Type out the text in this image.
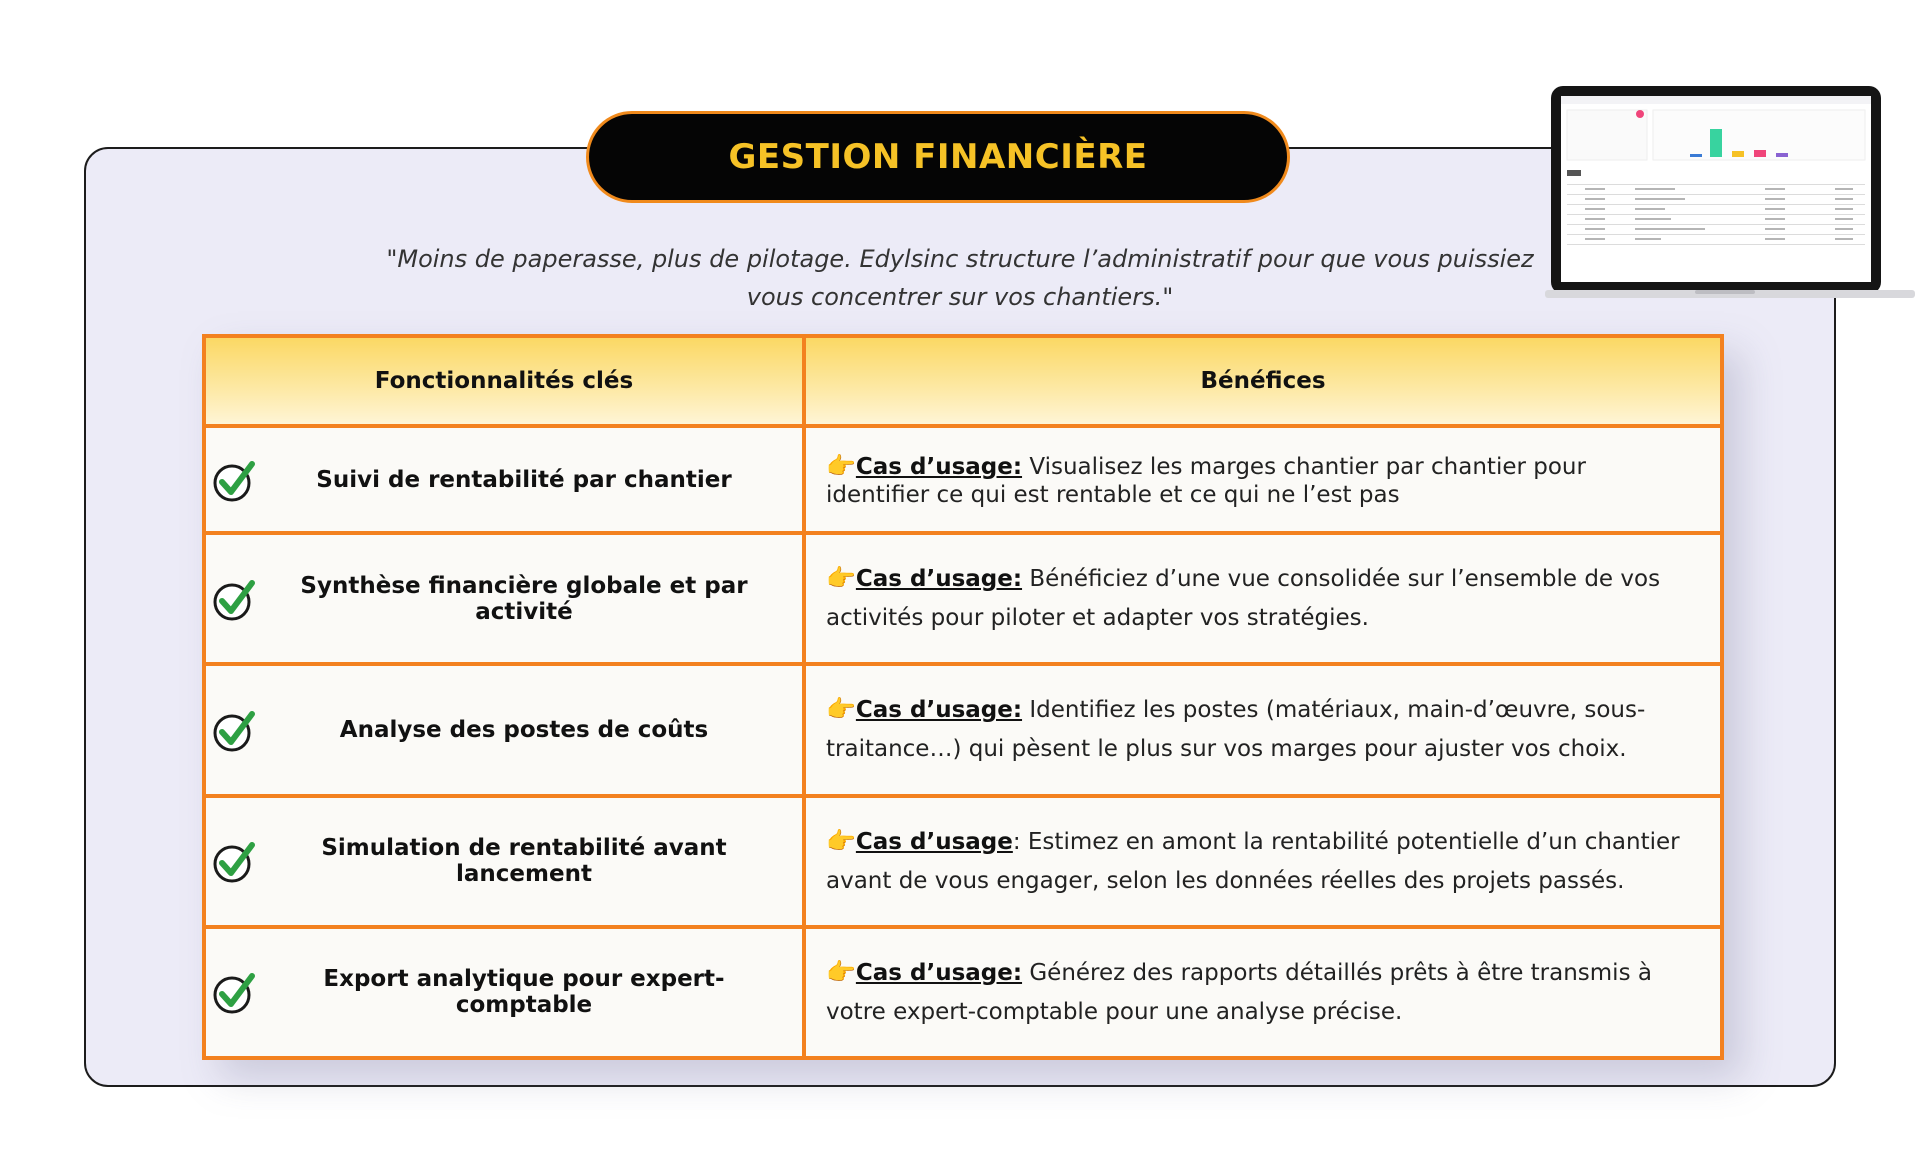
GESTION FINANCIÈRE
"Moins de paperasse, plus de pilotage. Edylsinc structure l’administratif pour que vous puissiez vous concentrer sur vos chantiers."
Fonctionnalités clés	Bénéfices

Suivi de rentabilité par chantier	👉Cas d’usage: Visualisez les marges chantier par chantier pour identifier ce qui est rentable et ce qui ne l’est pas

Synthèse financière globale et par activité	👉Cas d’usage: Bénéficiez d’une vue consolidée sur l’ensemble de vos activités pour piloter et adapter vos stratégies.

Analyse des postes de coûts	👉Cas d’usage: Identifiez les postes (matériaux, main-d’œuvre, sous-traitance…) qui pèsent le plus sur vos marges pour ajuster vos choix.

Simulation de rentabilité avant lancement	👉Cas d’usage: Estimez en amont la rentabilité potentielle d’un chantier avant de vous engager, selon les données réelles des projets passés.

Export analytique pour expert-comptable	👉Cas d’usage: Générez des rapports détaillés prêts à être transmis à votre expert-comptable pour une analyse précise.
